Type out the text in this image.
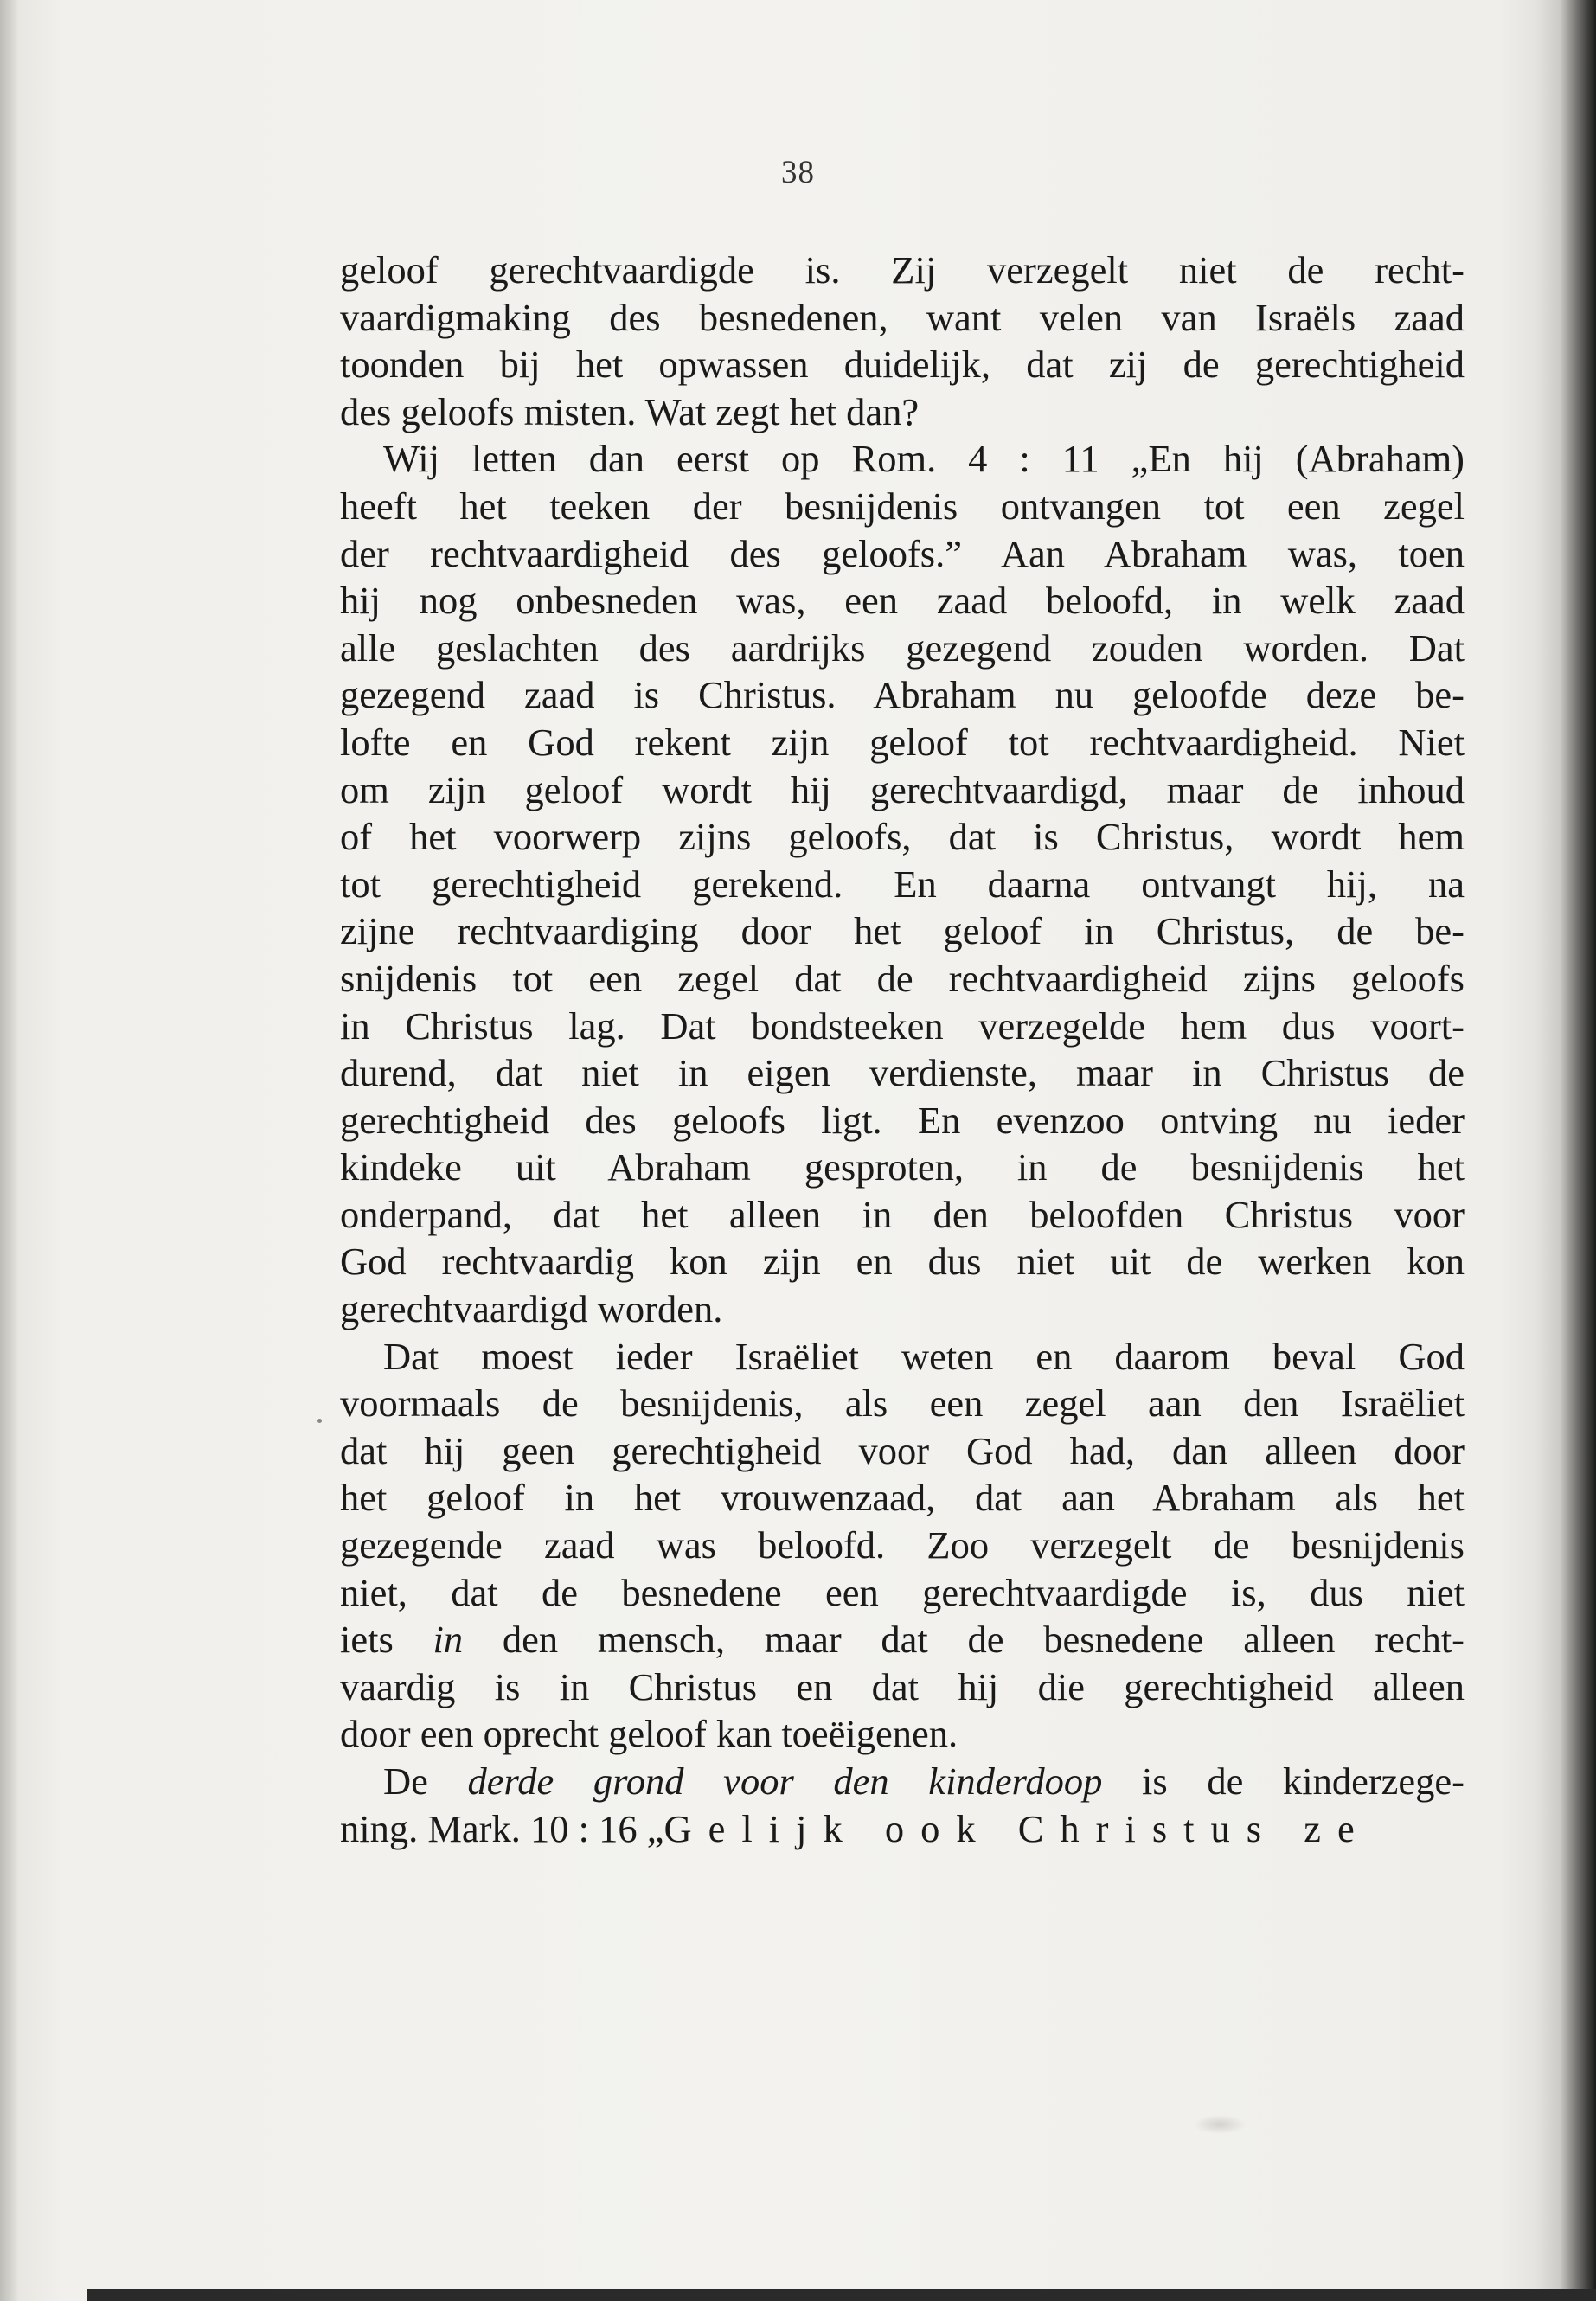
38
geloof gerechtvaardigde is. Zij verzegelt niet de recht-
vaardigmaking des besnedenen, want velen van Israëls zaad
toonden bij het opwassen duidelijk, dat zij de gerechtigheid
des geloofs misten. Wat zegt het dan?
Wij letten dan eerst op Rom. 4 : 11 „En hij (Abraham)
heeft het teeken der besnijdenis ontvangen tot een zegel
der rechtvaardigheid des geloofs.” Aan Abraham was, toen
hij nog onbesneden was, een zaad beloofd, in welk zaad
alle geslachten des aardrijks gezegend zouden worden. Dat
gezegend zaad is Christus. Abraham nu geloofde deze be-
lofte en God rekent zijn geloof tot rechtvaardigheid. Niet
om zijn geloof wordt hij gerechtvaardigd, maar de inhoud
of het voorwerp zijns geloofs, dat is Christus, wordt hem
tot gerechtigheid gerekend. En daarna ontvangt hij, na
zijne rechtvaardiging door het geloof in Christus, de be-
snijdenis tot een zegel dat de rechtvaardigheid zijns geloofs
in Christus lag. Dat bondsteeken verzegelde hem dus voort-
durend, dat niet in eigen verdienste, maar in Christus de
gerechtigheid des geloofs ligt. En evenzoo ontving nu ieder
kindeke uit Abraham gesproten, in de besnijdenis het
onderpand, dat het alleen in den beloofden Christus voor
God rechtvaardig kon zijn en dus niet uit de werken kon
gerechtvaardigd worden.
Dat moest ieder Israëliet weten en daarom beval God
voormaals de besnijdenis, als een zegel aan den Israëliet
dat hij geen gerechtigheid voor God had, dan alleen door
het geloof in het vrouwenzaad, dat aan Abraham als het
gezegende zaad was beloofd. Zoo verzegelt de besnijdenis
niet, dat de besnedene een gerechtvaardigde is, dus niet
iets in den mensch, maar dat de besnedene alleen recht-
vaardig is in Christus en dat hij die gerechtigheid alleen
door een oprecht geloof kan toeëigenen.
De derde grond voor den kinderdoop is de kinderzege-
ning. Mark. 10 : 16 „Gelijk ook Christus ze
